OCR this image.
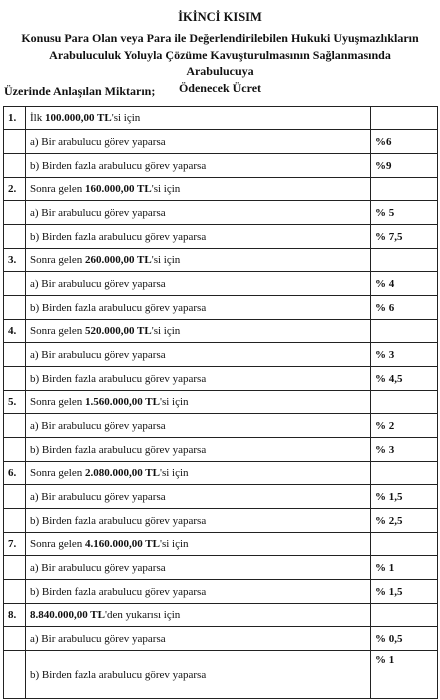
İKİNCİ KISIM
Konusu Para Olan veya Para ile Değerlendirilebilen Hukuki Uyuşmazlıkların
Arabuluculuk Yoluyla Çözüme Kavuşturulmasının Sağlanmasında Arabulucuya
Ödenecek Ücret
Üzerinde Anlaşılan Miktarın;
1.	İlk 100.000,00 TL'si için	
	a) Bir arabulucu görev yaparsa	%6
	b) Birden fazla arabulucu görev yaparsa	%9
2.	Sonra gelen 160.000,00 TL'si için	
	a) Bir arabulucu görev yaparsa	% 5
	b) Birden fazla arabulucu görev yaparsa	% 7,5
3.	Sonra gelen 260.000,00 TL'si için	
	a) Bir arabulucu görev yaparsa	% 4
	b) Birden fazla arabulucu görev yaparsa	% 6
4.	Sonra gelen 520.000,00 TL'si için	
	a) Bir arabulucu görev yaparsa	% 3
	b) Birden fazla arabulucu görev yaparsa	% 4,5
5.	Sonra gelen 1.560.000,00 TL'si için	
	a) Bir arabulucu görev yaparsa	% 2
	b) Birden fazla arabulucu görev yaparsa	% 3
6.	Sonra gelen 2.080.000,00 TL'si için	
	a) Bir arabulucu görev yaparsa	% 1,5
	b) Birden fazla arabulucu görev yaparsa	% 2,5
7.	Sonra gelen 4.160.000,00 TL'si için	
	a) Bir arabulucu görev yaparsa	% 1
	b) Birden fazla arabulucu görev yaparsa	% 1,5
8.	8.840.000,00 TL'den yukarısı için	
	a) Bir arabulucu görev yaparsa	% 0,5
	b) Birden fazla arabulucu görev yaparsa	% 1
